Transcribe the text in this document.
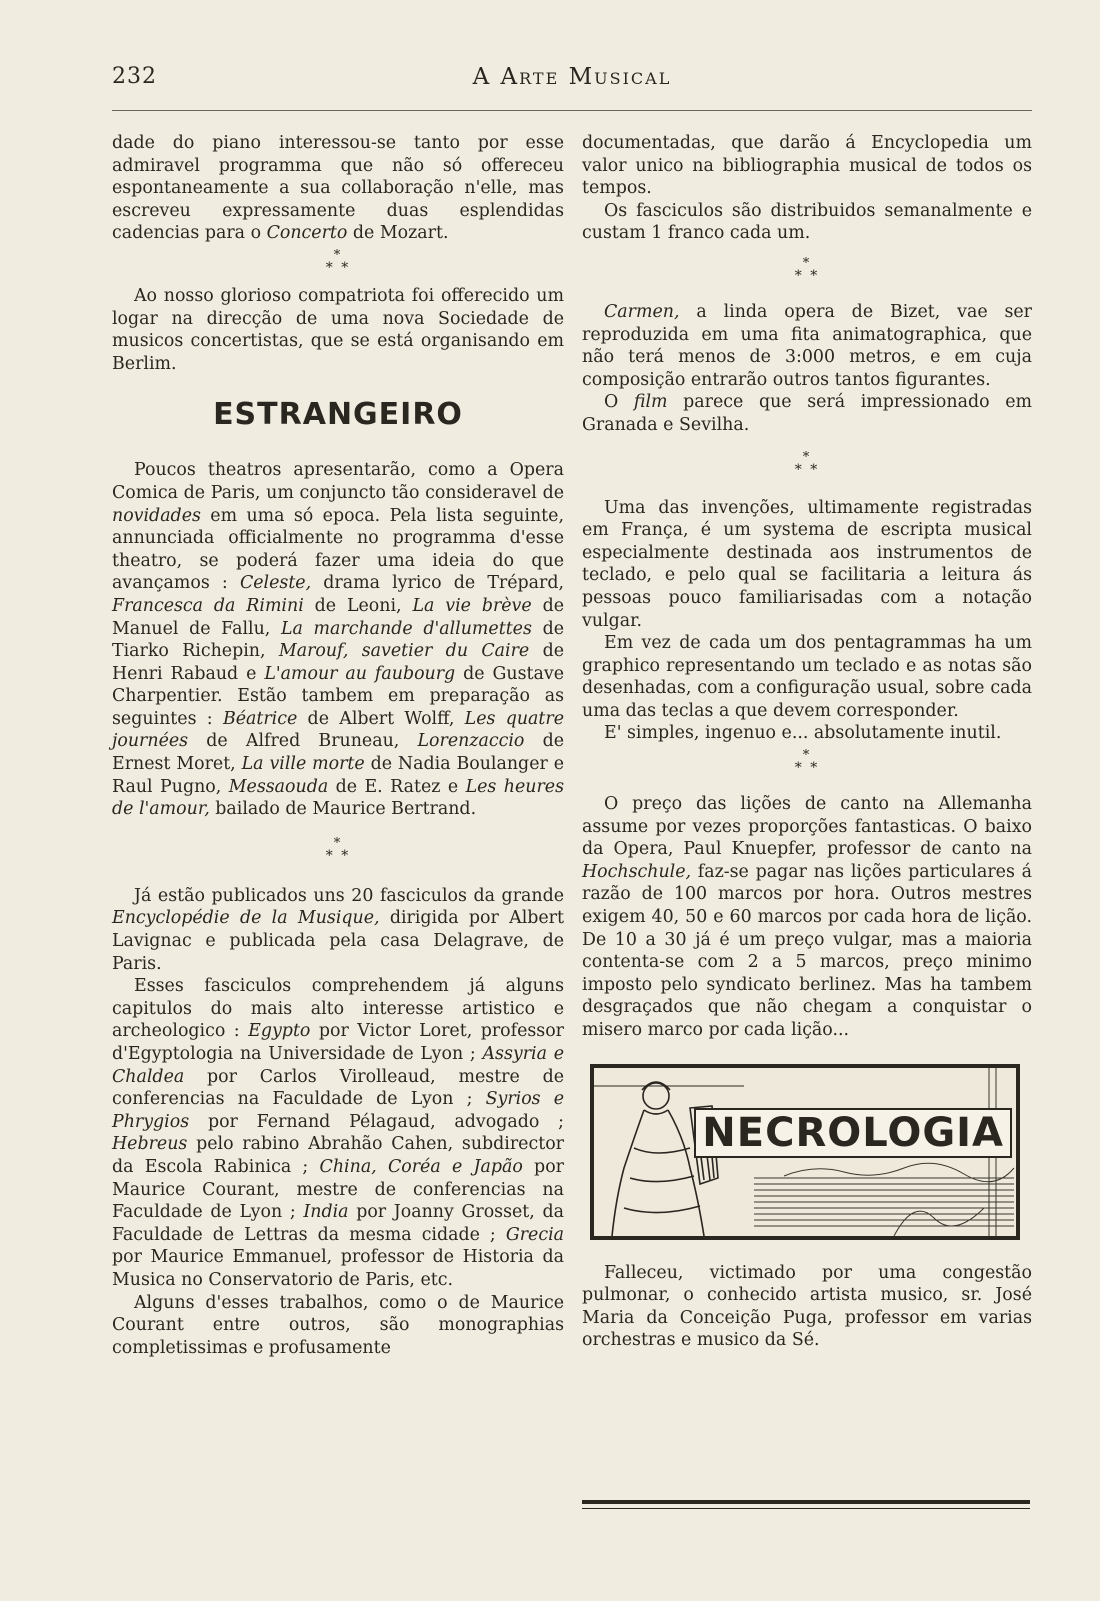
232	A Arte Musical

dade do piano interessou-se tanto por esse admiravel programma que não só offereceu espontaneamente a sua collaboração n'elle, mas escreveu expressamente duas esplendidas cadencias para o Concerto de Mozart.

*
* *

Ao nosso glorioso compatriota foi offerecido um logar na direcção de uma nova Sociedade de musicos concertistas, que se está organisando em Berlim.

ESTRANGEIRO

Poucos theatros apresentarão, como a Opera Comica de Paris, um conjuncto tão consideravel de novidades em uma só epoca. Pela lista seguinte, annunciada officialmente no programma d'esse theatro, se poderá fazer uma ideia do que avançamos : Celeste, drama lyrico de Trépard, Francesca da Rimini de Leoni, La vie brève de Manuel de Fallu, La marchande d'allumettes de Tiarko Richepin, Marouf, savetier du Caire de Henri Rabaud e L'amour au faubourg de Gustave Charpentier. Estão tambem em preparação as seguintes : Béatrice de Albert Wolff, Les quatre journées de Alfred Bruneau, Lorenzaccio de Ernest Moret, La ville morte de Nadia Boulanger e Raul Pugno, Messaouda de E. Ratez e Les heures de l'amour, bailado de Maurice Bertrand.

*
* *

Já estão publicados uns 20 fasciculos da grande Encyclopédie de la Musique, dirigida por Albert Lavignac e publicada pela casa Delagrave, de Paris.

Esses fasciculos comprehendem já alguns capitulos do mais alto interesse artistico e archeologico : Egypto por Victor Loret, professor d'Egyptologia na Universidade de Lyon ; Assyria e Chaldea por Carlos Virolleaud, mestre de conferencias na Faculdade de Lyon ; Syrios e Phrygios por Fernand Pélagaud, advogado ; Hebreus pelo rabino Abrahão Cahen, subdirector da Escola Rabinica ; China, Coréa e Japão por Maurice Courant, mestre de conferencias na Faculdade de Lyon ; India por Joanny Grosset, da Faculdade de Lettras da mesma cidade ; Grecia por Maurice Emmanuel, professor de Historia da Musica no Conservatorio de Paris, etc.

Alguns d'esses trabalhos, como o de Maurice Courant entre outros, são monographias completissimas e profusamente

documentadas, que darão á Encyclopedia um valor unico na bibliographia musical de todos os tempos.

Os fasciculos são distribuidos semanalmente e custam 1 franco cada um.

*
* *

Carmen, a linda opera de Bizet, vae ser reproduzida em uma fita animatographica, que não terá menos de 3:000 metros, e em cuja composição entrarão outros tantos figurantes.

O film parece que será impressionado em Granada e Sevilha.

*
* *

Uma das invenções, ultimamente registradas em França, é um systema de escripta musical especialmente destinada aos instrumentos de teclado, e pelo qual se facilitaria a leitura ás pessoas pouco familiarisadas com a notação vulgar.

Em vez de cada um dos pentagrammas ha um graphico representando um teclado e as notas são desenhadas, com a configuração usual, sobre cada uma das teclas a que devem corresponder.

E' simples, ingenuo e... absolutamente inutil.

*
* *

O preço das lições de canto na Allemanha assume por vezes proporções fantasticas. O baixo da Opera, Paul Knuepfer, professor de canto na Hochschule, faz-se pagar nas lições particulares á razão de 100 marcos por hora. Outros mestres exigem 40, 50 e 60 marcos por cada hora de lição. De 10 a 30 já é um preço vulgar, mas a maioria contenta-se com 2 a 5 marcos, preço minimo imposto pelo syndicato berlinez. Mas ha tambem desgraçados que não chegam a conquistar o misero marco por cada lição...

NECROLOGIA

Falleceu, victimado por uma congestão pulmonar, o conhecido artista musico, sr. José Maria da Conceição Puga, professor em varias orchestras e musico da Sé.
